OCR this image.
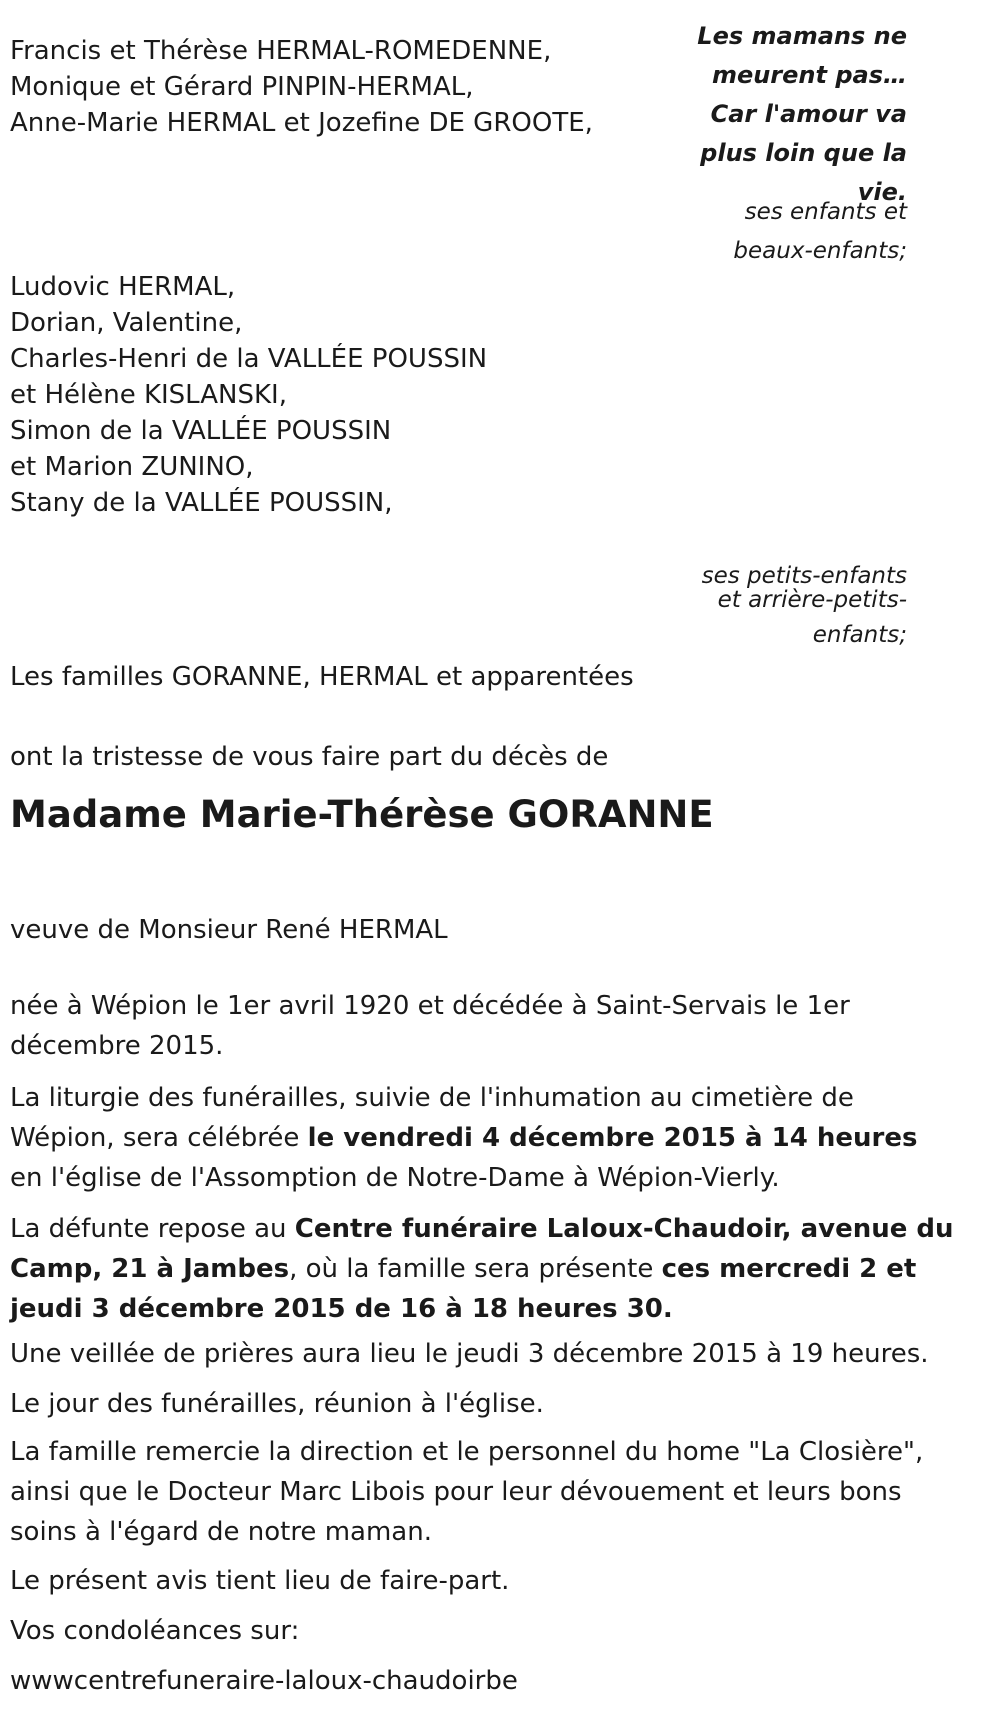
Francis et Thérèse HERMAL-ROMEDENNE,

Monique et Gérard PINPIN-HERMAL,

Anne-Marie HERMAL et Jozefine DE GROOTE,

Les mamans ne
meurent pas…
Car l'amour va
plus loin que la
vie.
ses enfants et
beaux-enfants;

Ludovic HERMAL,

Dorian, Valentine,

Charles-Henri de la VALLÉE POUSSIN

et Hélène KISLANSKI,

Simon de la VALLÉE POUSSIN

et Marion ZUNINO,

Stany de la VALLÉE POUSSIN,

ses petits-enfants
et arrière-petits-
enfants;

Les familles GORANNE, HERMAL et apparentées

ont la tristesse de vous faire part du décès de

Madame Marie-Thérèse GORANNE

veuve de Monsieur René HERMAL

née à Wépion le 1er avril 1920 et décédée à Saint-Servais le 1er décembre 2015.

La liturgie des funérailles, suivie de l'inhumation au cimetière de Wépion, sera célébrée le vendredi 4 décembre 2015 à 14 heures en l'église de l'Assomption de Notre-Dame à Wépion-Vierly.

La défunte repose au Centre funéraire Laloux-Chaudoir, avenue du Camp, 21 à Jambes, où la famille sera présente ces mercredi 2 et jeudi 3 décembre 2015 de 16 à 18 heures 30.

Une veillée de prières aura lieu le jeudi 3 décembre 2015 à 19 heures.

Le jour des funérailles, réunion à l'église.

La famille remercie la direction et le personnel du home "La Closière", ainsi que le Docteur Marc Libois pour leur dévouement et leurs bons soins à l'égard de notre maman.

Le présent avis tient lieu de faire-part.

Vos condoléances sur:

wwwcentrefuneraire-laloux-chaudoirbe
